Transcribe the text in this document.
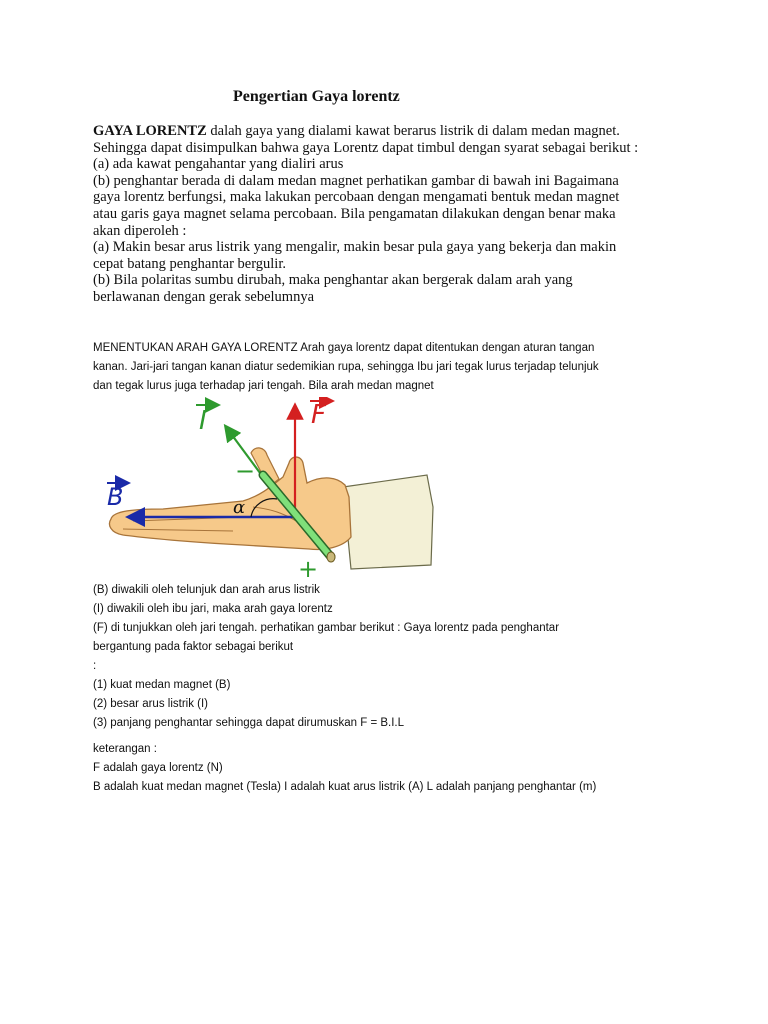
Pengertian Gaya lorentz

GAYA LORENTZ dalah gaya yang dialami kawat berarus listrik di dalam medan magnet.

Sehingga dapat disimpulkan bahwa gaya Lorentz dapat timbul dengan syarat sebagai berikut :

(a) ada kawat pengahantar yang dialiri arus

(b) penghantar berada di dalam medan magnet perhatikan gambar di bawah ini Bagaimana

gaya lorentz berfungsi, maka lakukan percobaan dengan mengamati bentuk medan magnet

atau garis gaya magnet selama percobaan. Bila pengamatan dilakukan dengan benar maka

akan diperoleh :

(a) Makin besar arus listrik yang mengalir, makin besar pula gaya yang bekerja dan makin

cepat batang penghantar bergulir.

(b) Bila polaritas sumbu dirubah, maka penghantar akan bergerak dalam arah yang

berlawanan dengan gerak sebelumnya

MENENTUKAN ARAH GAYA LORENTZ Arah gaya lorentz dapat ditentukan dengan aturan tangan

kanan. Jari-jari tangan kanan diatur sedemikian rupa, sehingga Ibu jari tegak lurus terjadap telunjuk

dan tegak lurus juga terhadap jari tengah. Bila arah medan magnet

I	F
B	α
−
+

(B) diwakili oleh telunjuk dan arah arus listrik

(I) diwakili oleh ibu jari, maka arah gaya lorentz

(F) di tunjukkan oleh jari tengah. perhatikan gambar berikut : Gaya lorentz pada penghantar

bergantung pada faktor sebagai berikut

:

(1) kuat medan magnet (B)

(2) besar arus listrik (I)

(3) panjang penghantar sehingga dapat dirumuskan F = B.I.L

keterangan :

F adalah gaya lorentz (N)

B adalah kuat medan magnet (Tesla) I adalah kuat arus listrik (A) L adalah panjang penghantar (m)
